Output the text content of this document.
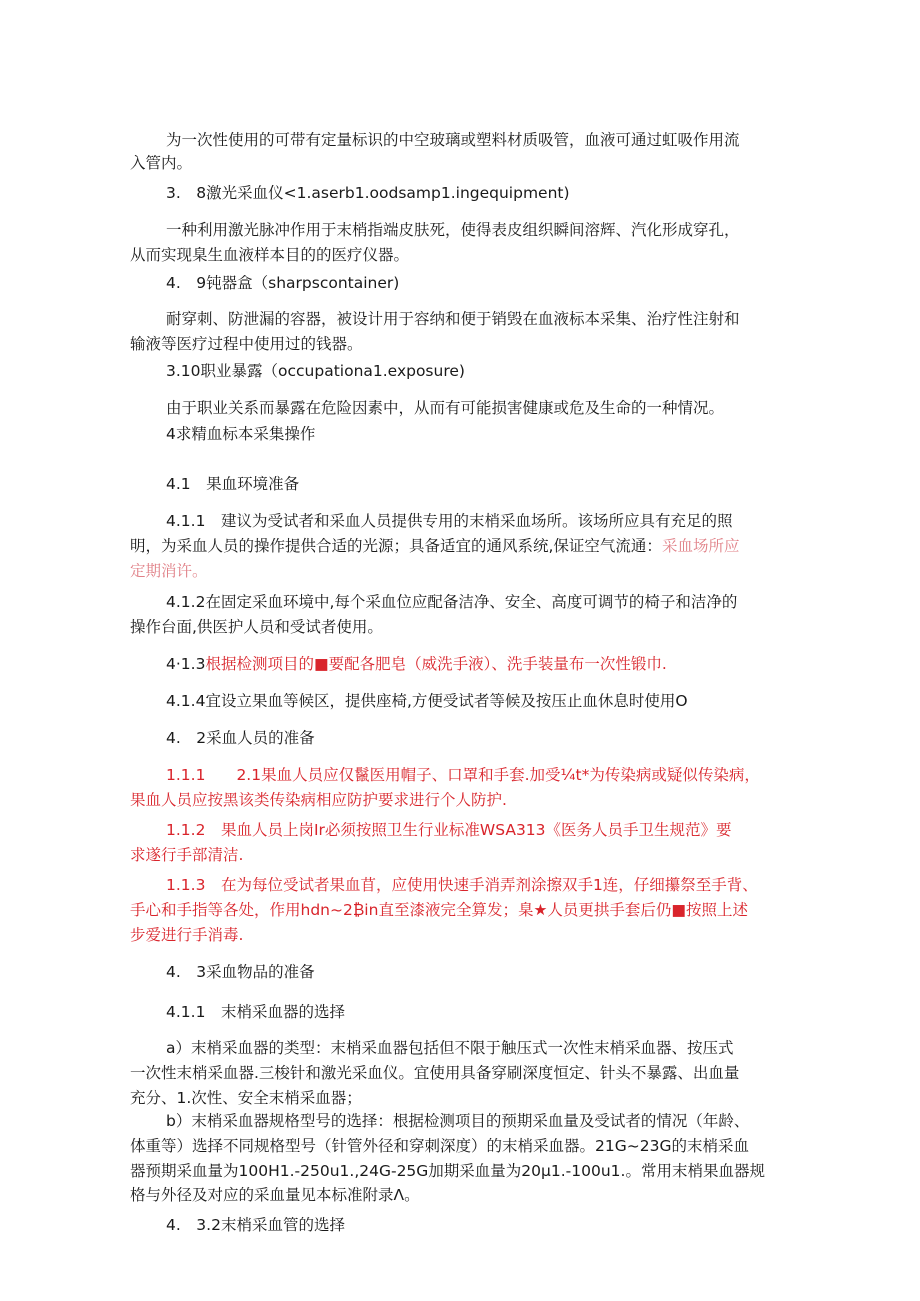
为一次性使用的可带有定量标识的中空玻璃或塑料材质吸管，血液可通过虹吸作用流

入管内。

3.　8激光采血仪<1.aserb1.oodsamp1.ingequipment)

一种利用激光脉冲作用于末梢指端皮肤死，使得表皮组织瞬间溶辉、汽化形成穿孔，

从而实现臬生血液样本目的的医疗仪器。

4.　9钝器盒（sharpscontainer)

耐穿刺、防泄漏的容器，被设计用于容纳和便于销毁在血液标本采集、治疗性注射和

输液等医疗过程中使用过的钱器。

3.10职业暴露（occupationa1.exposure)

由于职业关系而暴露在危险因素中，从而有可能损害健康或危及生命的一种情况。

4求精血标本采集操作

4.1　果血环境准备

4.1.1　建议为受试者和采血人员提供专用的末梢采血场所。该场所应具有充足的照

明，为采血人员的操作提供合适的光源；具备适宜的通风系统,保证空气流通：采血场所应

定期消许。

4.1.2在固定采血环境中,每个采血位应配备洁净、安全、高度可调节的椅子和洁净的

操作台面,供医护人员和受试者使用。

4·1.3根据检测项目的■要配各肥皂（威洗手液）、洗手装量布一次性锻巾.

4.1.4宜设立果血等候区，提供座椅,方便受试者等候及按压止血休息时使用O

4.　2采血人员的准备

1.1.1　　2.1果血人员应仅鬣医用帽子、口罩和手套.加受¼t*为传染病或疑似传染病，

果血人员应按黑该类传染病相应防护要求进行个人防护.

1.1.2　果血人员上岗Ir必须按照卫生行业标准WSA313《医务人员手卫生规范》要

求遂行手部清洁.

1.1.3　在为每位受试者果血苜，应使用快速手消弄剂涂擦双手1连，仔细攥祭至手背、

手心和手指等各处，作用hdn~2₿in直至漆液完全算发；臬★人员更拱手套后仍■按照上述

步爱进行手消毒.

4.　3采血物品的准备

4.1.1　末梢采血器的选择

a）末梢采血器的类型：末梢采血器包括但不限于触压式一次性末梢采血器、按压式

一次性末梢采血器.三梭针和激光采血仪。宜使用具备穿刷深度恒定、针头不暴露、出血量

充分、1.次性、安全末梢采血器；

b）末梢采血器规格型号的选择：根据检测项目的预期采血量及受试者的情况（年龄、

体重等）选择不同规格型号（针管外径和穿刺深度）的末梢采血器。21G~23G的末梢采血

器预期采血量为100H1.-250u1.,24G-25G加期采血量为20μ1.-100u1.。常用末梢果血器规

格与外径及对应的采血量见本标准附录Λ。

4.　3.2末梢采血管的选择
